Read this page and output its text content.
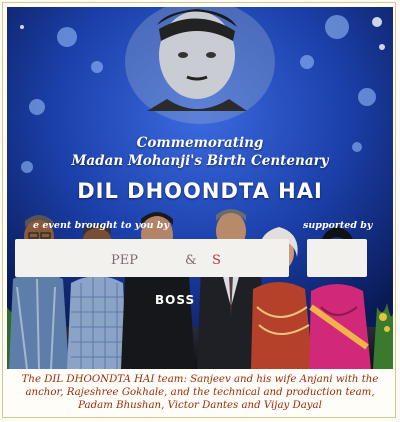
Commemorating
Madan Mohanji's Birth Centenary
DIL DHOONDTA HAI
e event brought to you by	supported by
PEP	& S
BOSS
The DIL DHOONDTA HAI team: Sanjeev and his wife Anjani with the anchor, Rajeshree Gokhale, and the technical and production team, Padam Bhushan, Victor Dantes and Vijay Dayal
